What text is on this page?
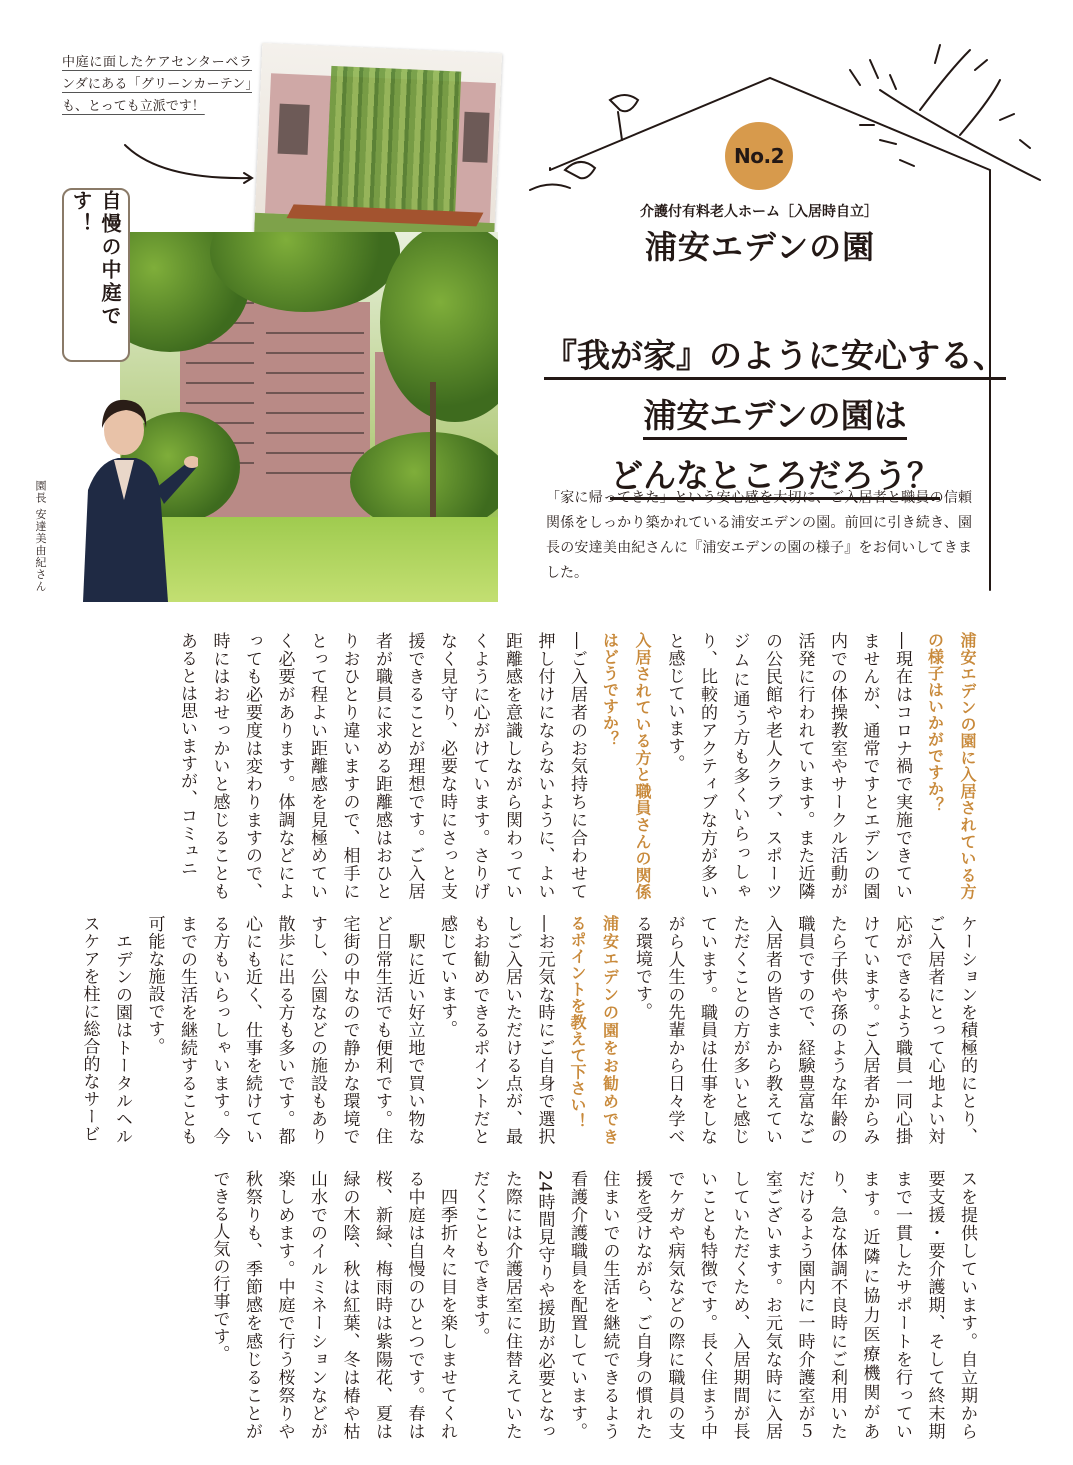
中庭に面したケアセンターベランダにある「グリーンカーテン」も、とっても立派です！
自慢の中庭です！
園長 安達美由紀さん
No.2
介護付有料老人ホーム［入居時自立］
浦安エデンの園
『我が家』のように安心する、
浦安エデンの園は
どんなところだろう？
「家に帰ってきた」という安心感を大切に、ご入居者と職員の信頼関係をしっかり築かれている浦安エデンの園。前回に引き続き、園長の安達美由紀さんに『浦安エデンの園の様子』をお伺いしてきました。

浦安エデンの園に入居されている方の様子はいかがですか？

―現在はコロナ禍で実施できていませんが、通常ですとエデンの園内での体操教室やサークル活動が活発に行われています。また近隣の公民館や老人クラブ、スポーツジムに通う方も多くいらっしゃり、比較的アクティブな方が多いと感じています。

入居されている方と職員さんの関係はどうですか？

―ご入居者のお気持ちに合わせて押し付けにならないように、よい距離感を意識しながら関わっていくように心がけています。さりげなく見守り、必要な時にさっと支援できることが理想です。ご入居者が職員に求める距離感はおひとりおひとり違いますので、相手にとって程よい距離感を見極めていく必要があります。体調などによっても必要度は変わりますので、時にはおせっかいと感じることもあるとは思いますが、コミュニ

ケーションを積極的にとり、ご入居者にとって心地よい対応ができるよう職員一同心掛けています。ご入居者からみたら子供や孫のような年齢の職員ですので、経験豊富なご入居者の皆さまから教えていただくことの方が多いと感じています。職員は仕事をしながら人生の先輩から日々学べる環境です。

浦安エデンの園をお勧めできるポイントを教えて下さい！

―お元気な時にご自身で選択しご入居いただける点が、最もお勧めできるポイントだと感じています。

　駅に近い好立地で買い物など日常生活でも便利です。住宅街の中なので静かな環境ですし、公園などの施設もあり散歩に出る方も多いです。都心にも近く、仕事を続けている方もいらっしゃいます。今までの生活を継続することも可能な施設です。

　エデンの園はトータルヘルスケアを柱に総合的なサービ

スを提供しています。自立期から要支援・要介護期、そして終末期まで一貫したサポートを行っています。近隣に協力医療機関があり、急な体調不良時にご利用いただけるよう園内に一時介護室が５室ございます。お元気な時に入居していただくため、入居期間が長いことも特徴です。長く住まう中でケガや病気などの際に職員の支援を受けながら、ご自身の慣れた住まいでの生活を継続できるよう看護介護職員を配置しています。24時間見守りや援助が必要となった際には介護居室に住替えていただくこともできます。

　四季折々に目を楽しませてくれる中庭は自慢のひとつです。春は桜、新緑、梅雨時は紫陽花、夏は緑の木陰、秋は紅葉、冬は椿や枯山水でのイルミネーションなどが楽しめます。中庭で行う桜祭りや秋祭りも、季節感を感じることができる人気の行事です。
